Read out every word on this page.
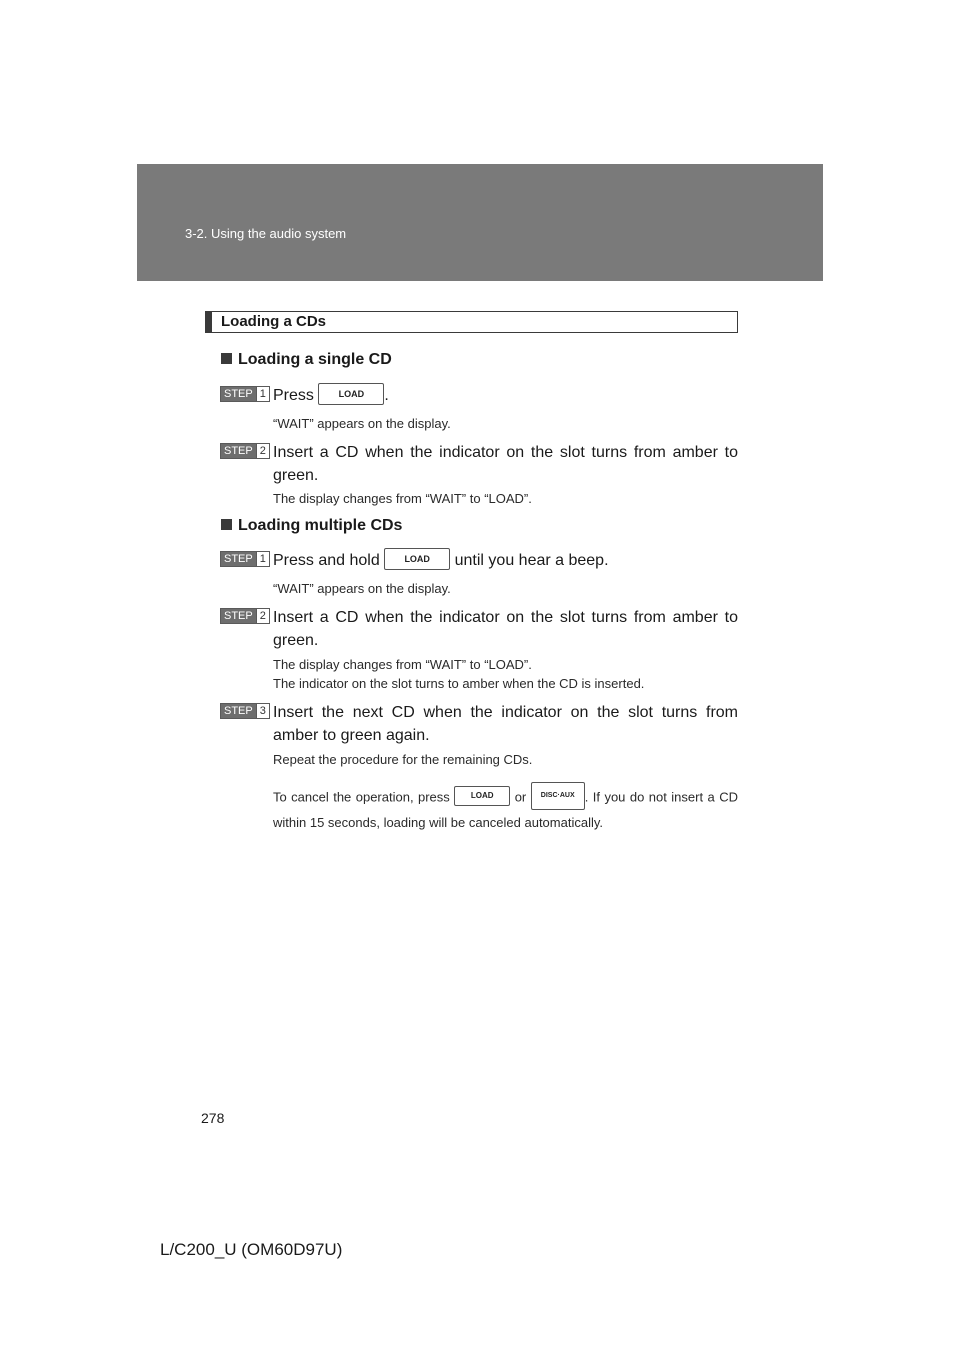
3-2. Using the audio system
Loading a CDs
Loading a single CD
STEP 1 Press LOAD .
“WAIT” appears on the display.
STEP 2 Insert a CD when the indicator on the slot turns from amber to green.
The display changes from “WAIT” to “LOAD”.
Loading multiple CDs
STEP 1 Press and hold LOAD until you hear a beep.
“WAIT” appears on the display.
STEP 2 Insert a CD when the indicator on the slot turns from amber to green.
The display changes from “WAIT” to “LOAD”.
The indicator on the slot turns to amber when the CD is inserted.
STEP 3 Insert the next CD when the indicator on the slot turns from amber to green again.
Repeat the procedure for the remaining CDs.
To cancel the operation, press LOAD or DISC·AUX . If you do not insert a CD within 15 seconds, loading will be canceled automatically.
278
L/C200_U (OM60D97U)
